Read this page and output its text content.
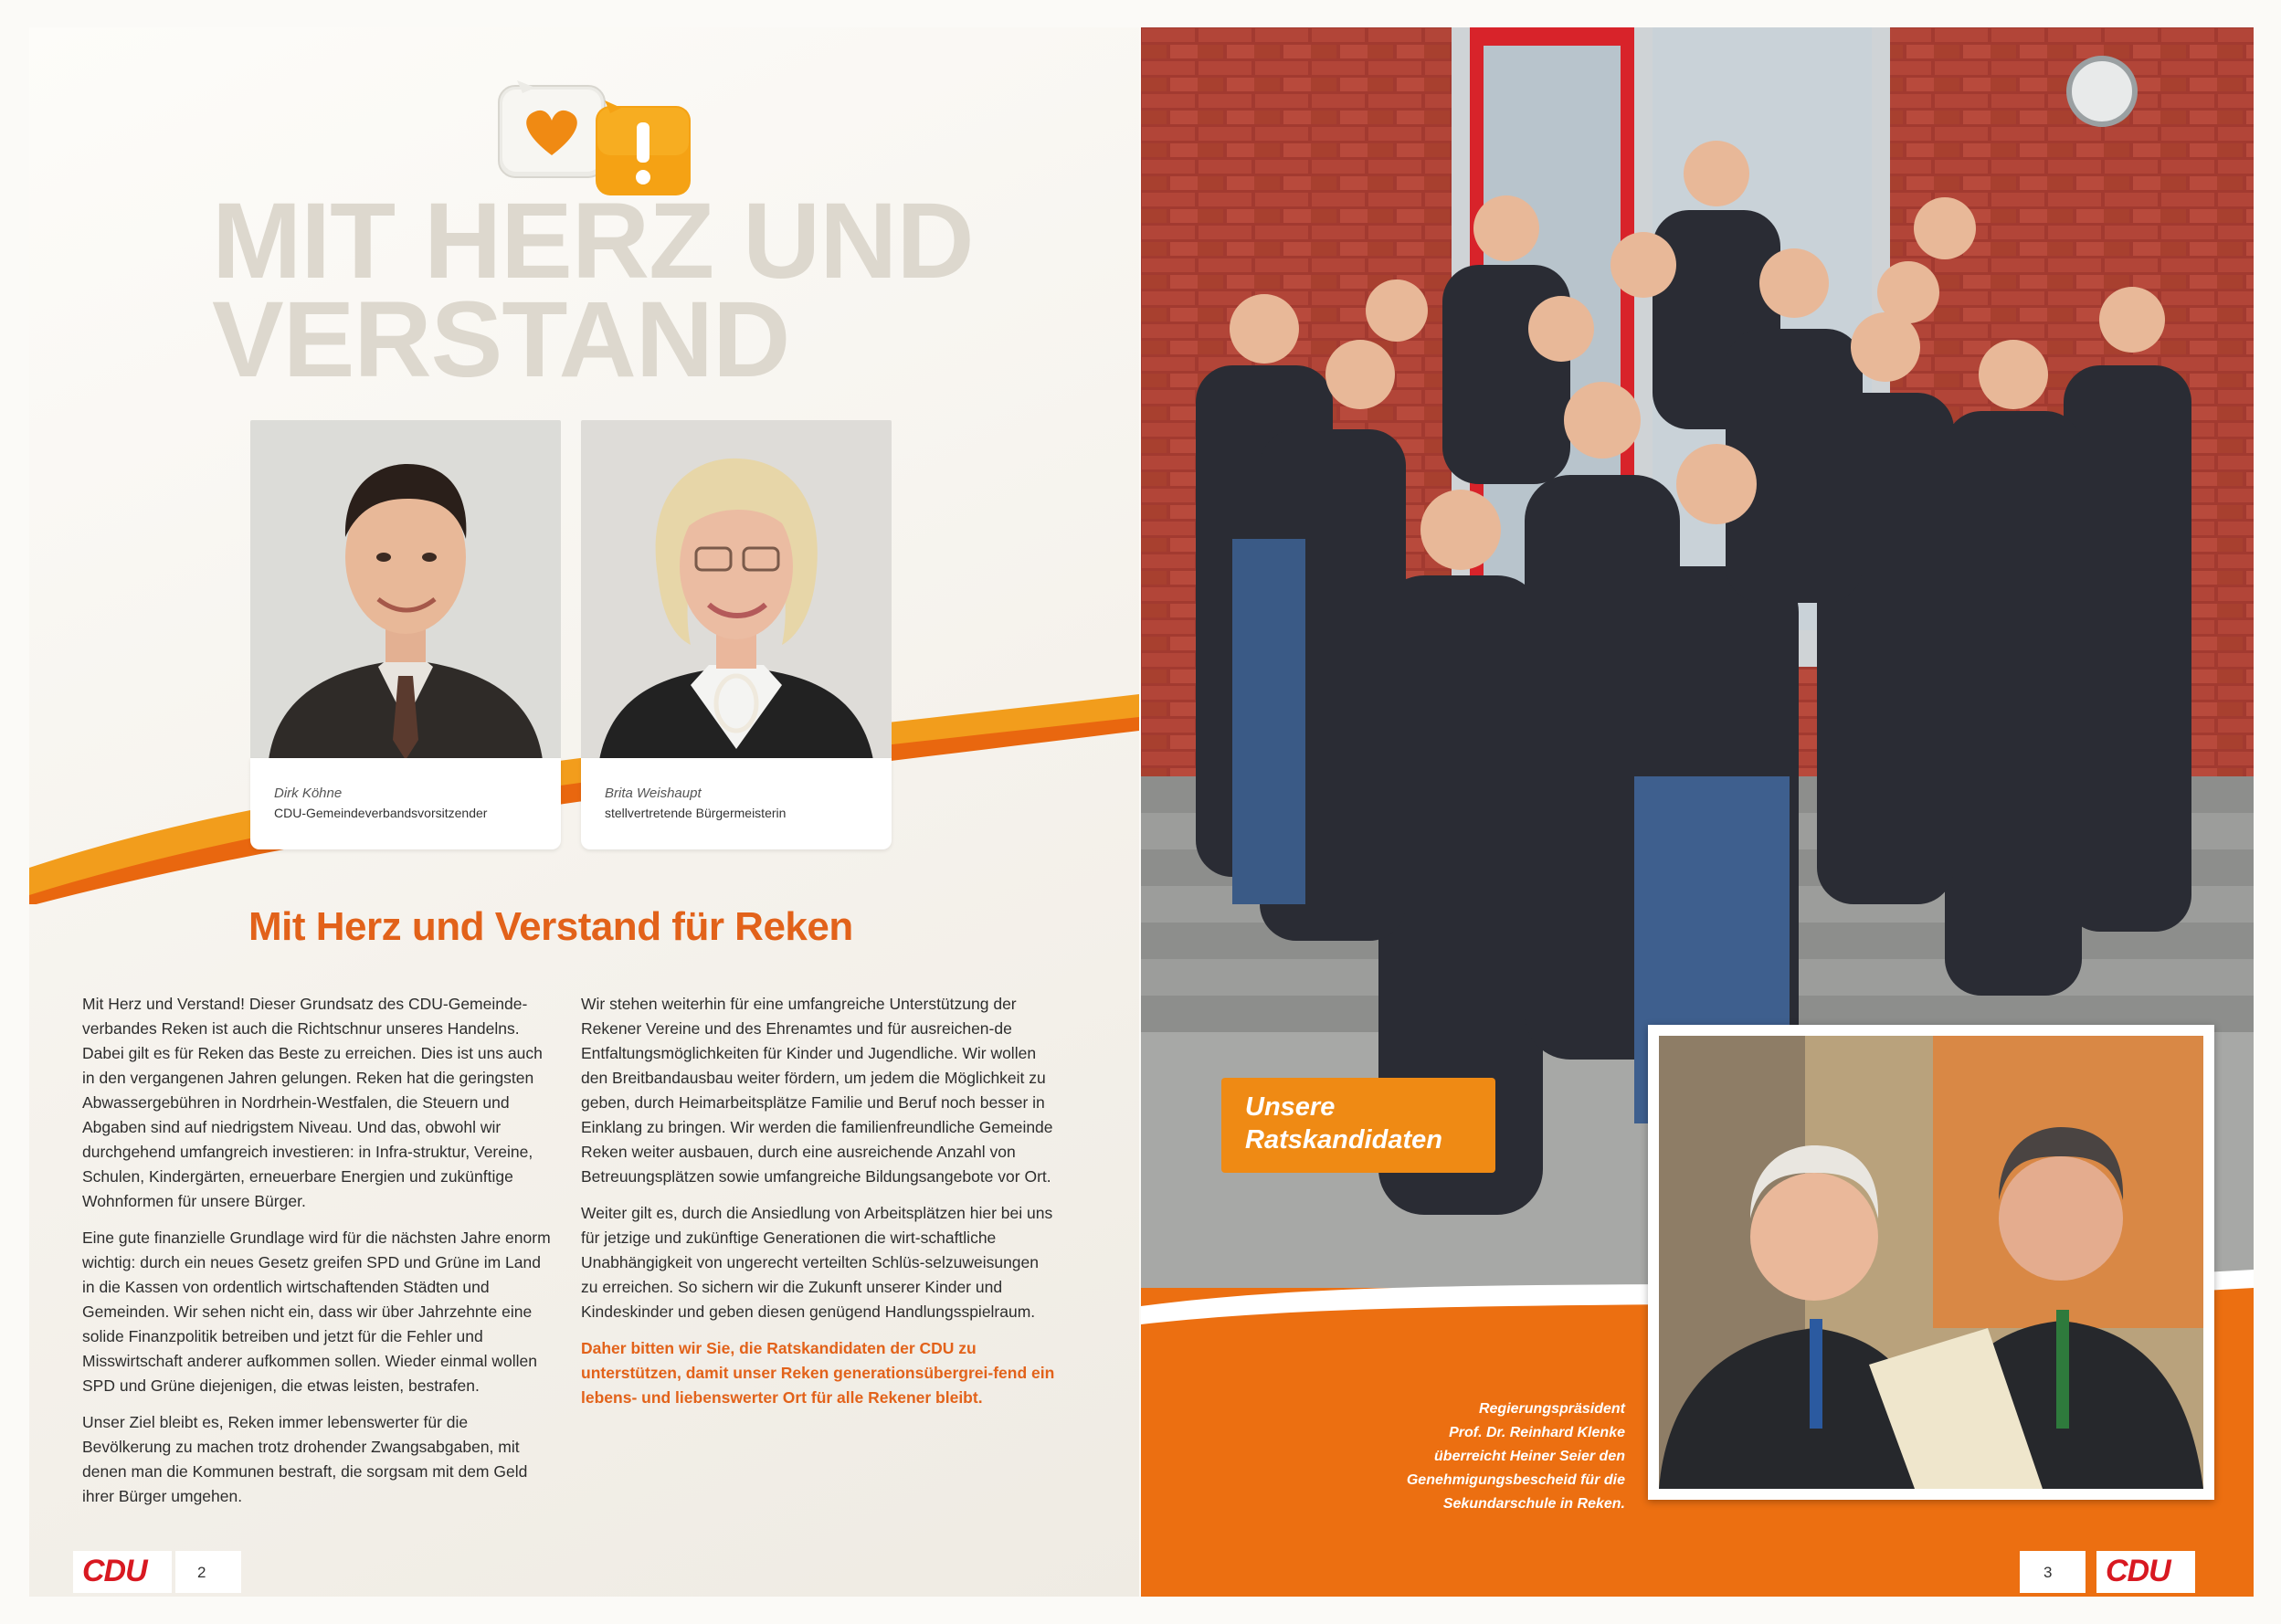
MIT HERZ UND
VERSTAND
Dirk Köhne
CDU-Gemeindeverbandsvorsitzender
Brita Weishaupt
stellvertretende Bürgermeisterin
Mit Herz und Verstand für Reken

Mit Herz und Verstand! Dieser Grundsatz des CDU-Gemeinde-verbandes Reken ist auch die Richtschnur unseres Handelns. Dabei gilt es für Reken das Beste zu erreichen. Dies ist uns auch in den vergangenen Jahren gelungen. Reken hat die geringsten Abwassergebühren in Nordrhein-Westfalen, die Steuern und Abgaben sind auf niedrigstem Niveau. Und das, obwohl wir durchgehend umfangreich investieren: in Infra-struktur, Vereine, Schulen, Kindergärten, erneuerbare Energien und zukünftige Wohnformen für unsere Bürger.

Eine gute finanzielle Grundlage wird für die nächsten Jahre enorm wichtig: durch ein neues Gesetz greifen SPD und Grüne im Land in die Kassen von ordentlich wirtschaftenden Städten und Gemeinden. Wir sehen nicht ein, dass wir über Jahrzehnte eine solide Finanzpolitik betreiben und jetzt für die Fehler und Misswirtschaft anderer aufkommen sollen. Wieder einmal wollen SPD und Grüne diejenigen, die etwas leisten, bestrafen.

Unser Ziel bleibt es, Reken immer lebenswerter für die Bevölkerung zu machen trotz drohender Zwangsabgaben, mit denen man die Kommunen bestraft, die sorgsam mit dem Geld ihrer Bürger umgehen.

Wir stehen weiterhin für eine umfangreiche Unterstützung der Rekener Vereine und des Ehrenamtes und für ausreichen-de Entfaltungsmöglichkeiten für Kinder und Jugendliche. Wir wollen den Breitbandausbau weiter fördern, um jedem die Möglichkeit zu geben, durch Heimarbeitsplätze Familie und Beruf noch besser in Einklang zu bringen. Wir werden die familienfreundliche Gemeinde Reken weiter ausbauen, durch eine ausreichende Anzahl von Betreuungsplätzen sowie umfangreiche Bildungsangebote vor Ort.

Weiter gilt es, durch die Ansiedlung von Arbeitsplätzen hier bei uns für jetzige und zukünftige Generationen die wirt-schaftliche Unabhängigkeit von ungerecht verteilten Schlüs-selzuweisungen zu erreichen. So sichern wir die Zukunft unserer Kinder und Kindeskinder und geben diesen genügend Handlungsspielraum.

Daher bitten wir Sie, die Ratskandidaten der CDU zu unterstützen, damit unser Reken generationsübergrei-fend ein lebens- und liebenswerter Ort für alle Rekener bleibt.

CDU	2
Unsere
Ratskandidaten
Regierungspräsident
Prof. Dr. Reinhard Klenke
überreicht Heiner Seier den
Genehmigungsbescheid für die
Sekundarschule in Reken.
3 CDU
